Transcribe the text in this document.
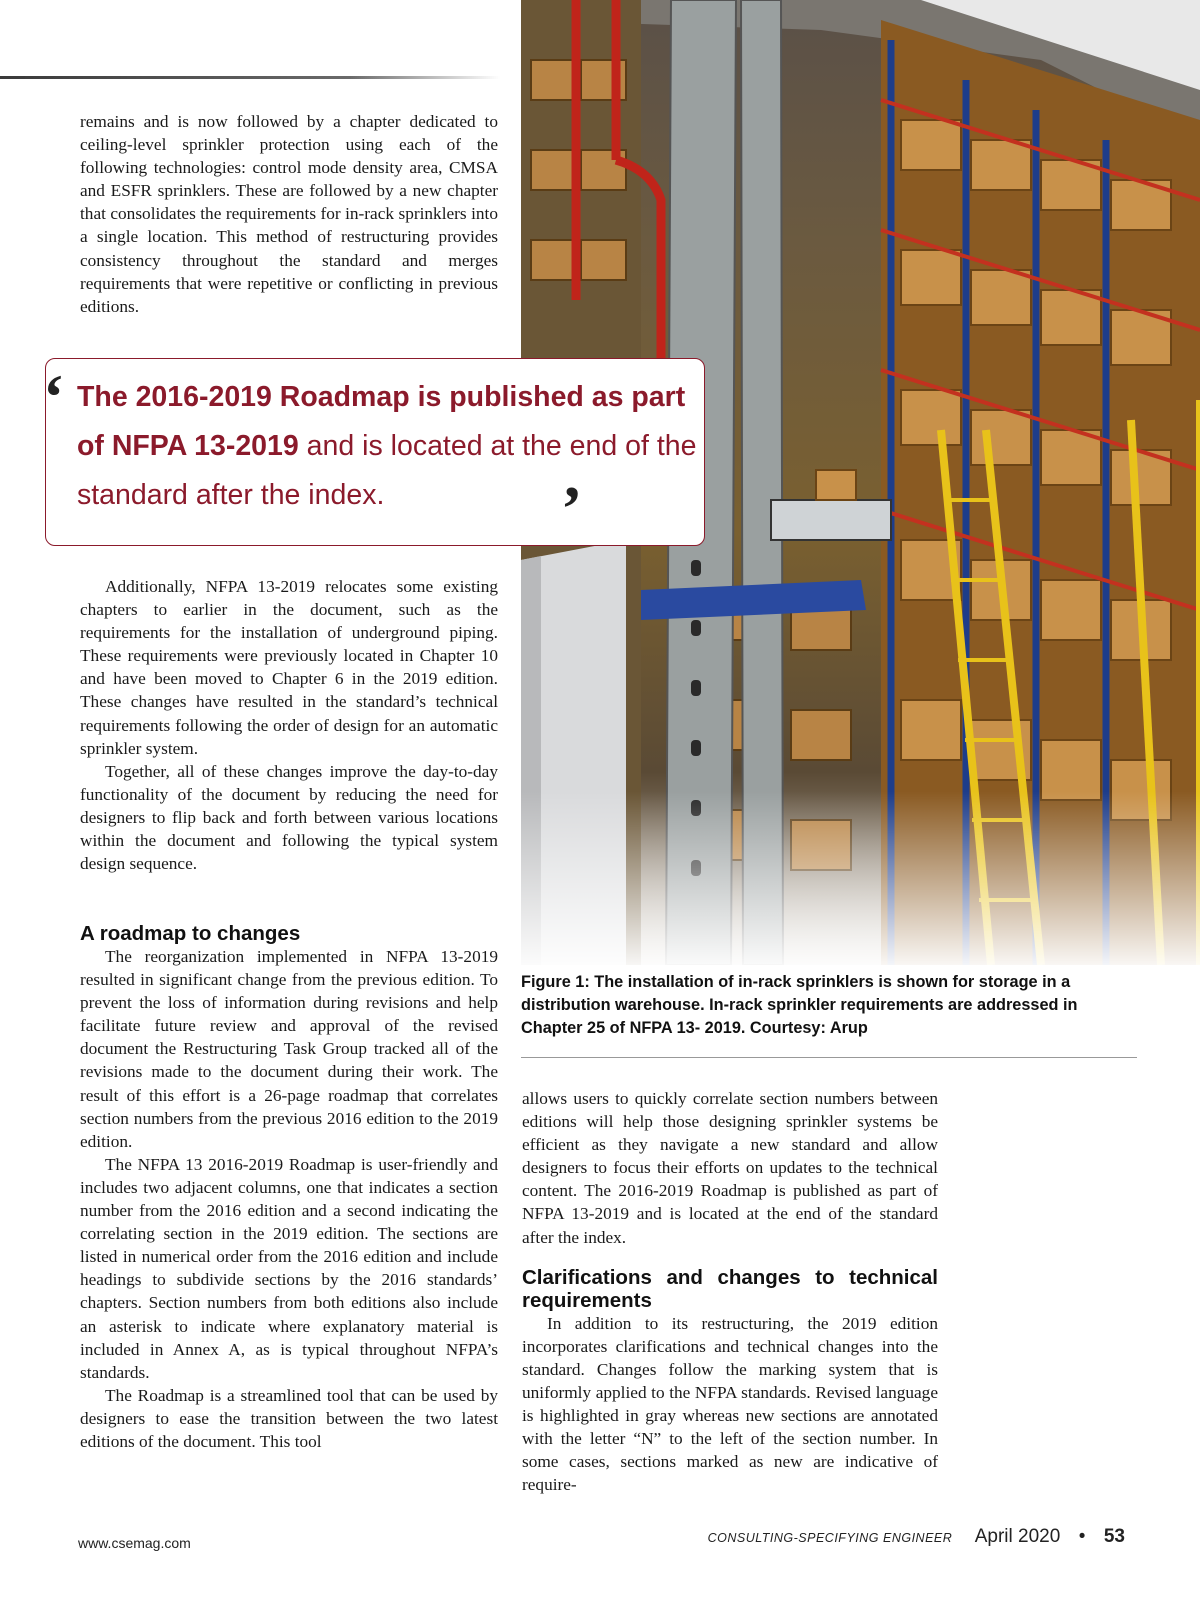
remains and is now followed by a chapter dedicated to ceiling-level sprinkler protection using each of the following technologies: control mode density area, CMSA and ESFR sprinklers. These are followed by a new chapter that consolidates the requirements for in-rack sprinklers into a single location. This method of restructuring provides consistency throughout the standard and merges requirements that were repetitive or conflicting in previous editions.

‘ The 2016-2019 Roadmap is published as part of NFPA 13-2019 and is located at the end of the standard after the index.	’

Additionally, NFPA 13-2019 relocates some existing chapters to earlier in the document, such as the requirements for the installation of underground piping. These requirements were previously located in Chapter 10 and have been moved to Chapter 6 in the 2019 edition. These changes have resulted in the standard’s technical requirements following the order of design for an automatic sprinkler system.

Together, all of these changes improve the day-to-day functionality of the document by reducing the need for designers to flip back and forth between various locations within the document and following the typical system design sequence.

A roadmap to changes

The reorganization implemented in NFPA 13-2019 resulted in significant change from the previous edition. To prevent the loss of information during revisions and help facilitate future review and approval of the revised document the Restructuring Task Group tracked all of the revisions made to the document during their work. The result of this effort is a 26-page roadmap that correlates section numbers from the previous 2016 edition to the 2019 edition.

The NFPA 13 2016-2019 Roadmap is user-friendly and includes two adjacent columns, one that indicates a section number from the 2016 edition and a second indicating the correlating section in the 2019 edition. The sections are listed in numerical order from the 2016 edition and include headings to subdivide sections by the 2016 standards’ chapters. Section numbers from both editions also include an asterisk to indicate where explanatory material is included in Annex A, as is typical throughout NFPA’s standards.

The Roadmap is a streamlined tool that can be used by designers to ease the transition between the two latest editions of the document. This tool

Figure 1: The installation of in-rack sprinklers is shown for storage in a distribution warehouse. In-rack sprinkler requirements are addressed in Chapter 25 of NFPA 13- 2019. Courtesy: Arup

allows users to quickly correlate section numbers between editions will help those designing sprinkler systems be efficient as they navigate a new standard and allow designers to focus their efforts on updates to the technical content. The 2016-2019 Roadmap is published as part of NFPA 13-2019 and is located at the end of the standard after the index.

Clarifications and changes to technical requirements

In addition to its restructuring, the 2019 edition incorporates clarifications and technical changes into the standard. Changes follow the marking system that is uniformly applied to the NFPA standards. Revised language is highlighted in gray whereas new sections are annotated with the letter “N” to the left of the section number. In some cases, sections marked as new are indicative of require-

www.csemag.com	CONSULTING-SPECIFYING ENGINEER April 2020 • 53
